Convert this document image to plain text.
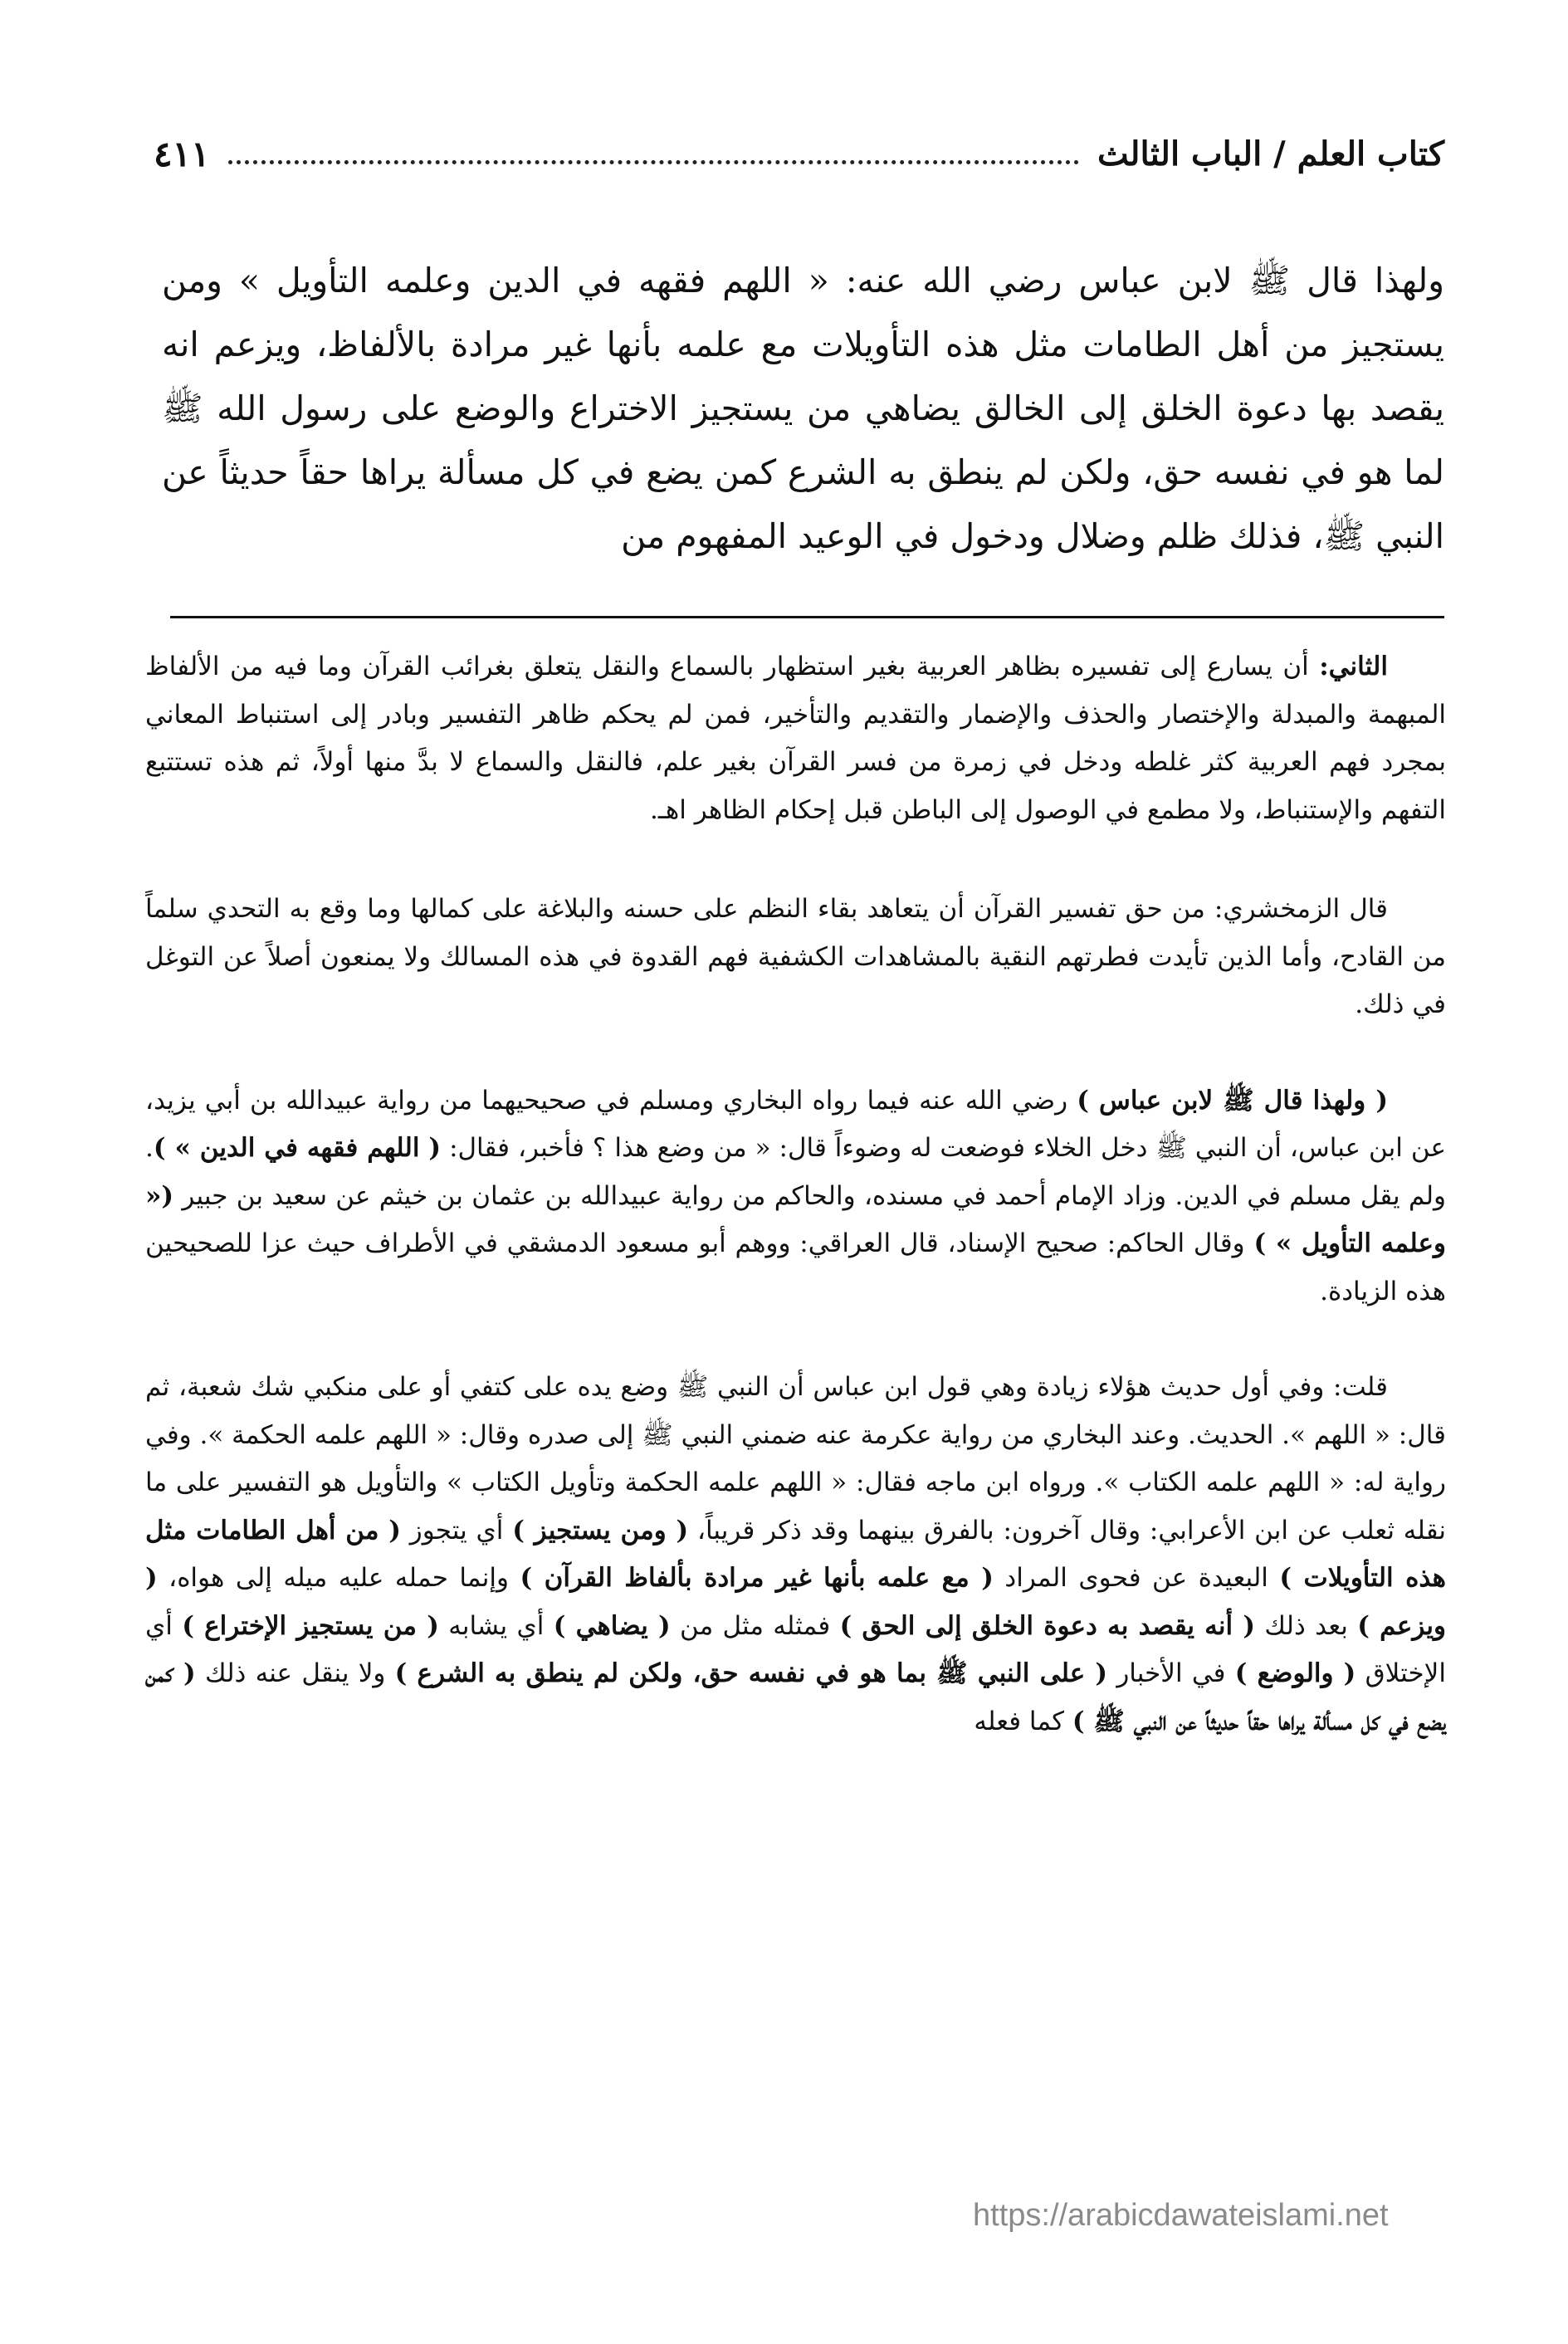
كتاب العلم / الباب الثالث
٤١١
ولهذا قال ﷺ لابن عباس رضي الله عنه: « اللهم فقهه في الدين وعلمه التأويل » ومن يستجيز من أهل الطامات مثل هذه التأويلات مع علمه بأنها غير مرادة بالألفاظ، ويزعم انه يقصد بها دعوة الخلق إلى الخالق يضاهي من يستجيز الاختراع والوضع على رسول الله ﷺ لما هو في نفسه حق، ولكن لم ينطق به الشرع كمن يضع في كل مسألة يراها حقاً حديثاً عن النبي ﷺ، فذلك ظلم وضلال ودخول في الوعيد المفهوم من

الثاني: أن يسارع إلى تفسيره بظاهر العربية بغير استظهار بالسماع والنقل يتعلق بغرائب القرآن وما فيه من الألفاظ المبهمة والمبدلة والإختصار والحذف والإضمار والتقديم والتأخير، فمن لم يحكم ظاهر التفسير وبادر إلى استنباط المعاني بمجرد فهم العربية كثر غلطه ودخل في زمرة من فسر القرآن بغير علم، فالنقل والسماع لا بدَّ منها أولاً، ثم هذه تستتبع التفهم والإستنباط، ولا مطمع في الوصول إلى الباطن قبل إحكام الظاهر اهـ.

قال الزمخشري: من حق تفسير القرآن أن يتعاهد بقاء النظم على حسنه والبلاغة على كمالها وما وقع به التحدي سلماً من القادح، وأما الذين تأيدت فطرتهم النقية بالمشاهدات الكشفية فهم القدوة في هذه المسالك ولا يمنعون أصلاً عن التوغل في ذلك.

( ولهذا قال ﷺ لابن عباس ) رضي الله عنه فيما رواه البخاري ومسلم في صحيحيهما من رواية عبيدالله بن أبي يزيد، عن ابن عباس، أن النبي ﷺ دخل الخلاء فوضعت له وضوءاً قال: « من وضع هذا ؟ فأخبر، فقال: ( اللهم فقهه في الدين » ). ولم يقل مسلم في الدين. وزاد الإمام أحمد في مسنده، والحاكم من رواية عبيدالله بن عثمان بن خيثم عن سعيد بن جبير (« وعلمه التأويل » ) وقال الحاكم: صحيح الإسناد، قال العراقي: ووهم أبو مسعود الدمشقي في الأطراف حيث عزا للصحيحين هذه الزيادة.

قلت: وفي أول حديث هؤلاء زيادة وهي قول ابن عباس أن النبي ﷺ وضع يده على كتفي أو على منكبي شك شعبة، ثم قال: « اللهم ». الحديث. وعند البخاري من رواية عكرمة عنه ضمني النبي ﷺ إلى صدره وقال: « اللهم علمه الحكمة ». وفي رواية له: « اللهم علمه الكتاب ». ورواه ابن ماجه فقال: « اللهم علمه الحكمة وتأويل الكتاب » والتأويل هو التفسير على ما نقله ثعلب عن ابن الأعرابي: وقال آخرون: بالفرق بينهما وقد ذكر قريباً، ( ومن يستجيز ) أي يتجوز ( من أهل الطامات مثل هذه التأويلات ) البعيدة عن فحوى المراد ( مع علمه بأنها غير مرادة بألفاظ القرآن ) وإنما حمله عليه ميله إلى هواه، ( ويزعم ) بعد ذلك ( أنه يقصد به دعوة الخلق إلى الحق ) فمثله مثل من ( يضاهي ) أي يشابه ( من يستجيز الإختراع ) أي الإختلاق ( والوضع ) في الأخبار ( على النبي ﷺ بما هو في نفسه حق، ولكن لم ينطق به الشرع ) ولا ينقل عنه ذلك ( كمن يضع في كل مسألة يراها حقاً حديثاً عن النبي ﷺ ) كما فعله

https://arabicdawateislami.net
